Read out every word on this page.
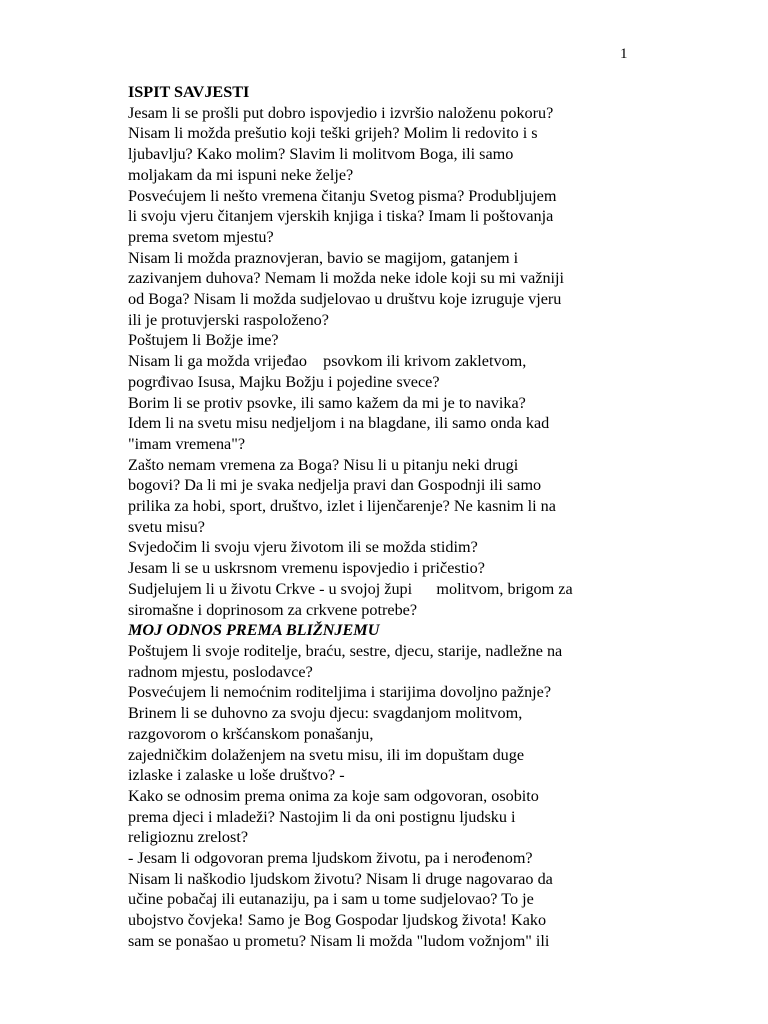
1
ISPIT SAVJESTI
Jesam li se prošli put dobro ispovjedio i izvršio naloženu pokoru?
Nisam li možda prešutio koji teški grijeh? Molim li redovito i s
ljubavlju? Kako molim? Slavim li molitvom Boga, ili samo
moljakam da mi ispuni neke želje?
Posvećujem li nešto vremena čitanju Svetog pisma? Produbljujem
li svoju vjeru čitanjem vjerskih knjiga i tiska? Imam li poštovanja
prema svetom mjestu?
Nisam li možda praznovjeran, bavio se magijom, gatanjem i
zazivanjem duhova? Nemam li možda neke idole koji su mi važniji
od Boga? Nisam li možda sudjelovao u društvu koje izruguje vjeru
ili je protuvjerski raspoloženo?
Poštujem li Božje ime?
Nisam li ga možda vrijeđao    psovkom ili krivom zakletvom,
pogrđivao Isusa, Majku Božju i pojedine svece?
Borim li se protiv psovke, ili samo kažem da mi je to navika?
Idem li na svetu misu nedjeljom i na blagdane, ili samo onda kad
"imam vremena"?
Zašto nemam vremena za Boga? Nisu li u pitanju neki drugi
bogovi? Da li mi je svaka nedjelja pravi dan Gospodnji ili samo
prilika za hobi, sport, društvo, izlet i lijenčarenje? Ne kasnim li na
svetu misu?
Svjedočim li svoju vjeru životom ili se možda stidim?
Jesam li se u uskrsnom vremenu ispovjedio i pričestio?
Sudjelujem li u životu Crkve - u svojoj župi      molitvom, brigom za
siromašne i doprinosom za crkvene potrebe?
MOJ ODNOS PREMA BLIŽNJEMU
Poštujem li svoje roditelje, braću, sestre, djecu, starije, nadležne na
radnom mjestu, poslodavce?
Posvećujem li nemoćnim roditeljima i starijima dovoljno pažnje?
Brinem li se duhovno za svoju djecu: svagdanjom molitvom,
razgovorom o kršćanskom ponašanju,
zajedničkim dolaženjem na svetu misu, ili im dopuštam duge
izlaske i zalaske u loše društvo? -
Kako se odnosim prema onima za koje sam odgovoran, osobito
prema djeci i mladeži? Nastojim li da oni postignu ljudsku i
religioznu zrelost?
- Jesam li odgovoran prema ljudskom životu, pa i nerođenom?
Nisam li naškodio ljudskom životu? Nisam li druge nagovarao da
učine pobačaj ili eutanaziju, pa i sam u tome sudjelovao? To je
ubojstvo čovjeka! Samo je Bog Gospodar ljudskog života! Kako
sam se ponašao u prometu? Nisam li možda "ludom vožnjom" ili
